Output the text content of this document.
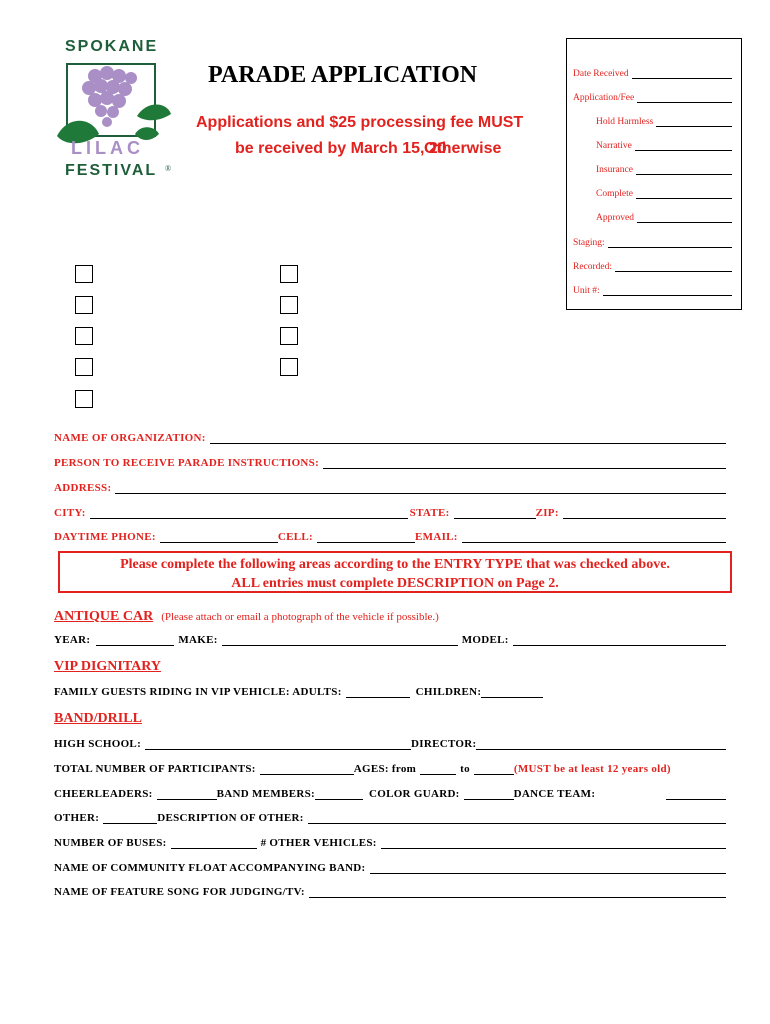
SPOKANE
LILAC
FESTIVAL ®
PARADE APPLICATION
Applications and $25 processing fee MUST
be received by March 15, 20
Otherwise
Date Received
Application/Fee
Hold Harmless
Narrative
Insurance
Complete
Approved
Staging:
Recorded:
Unit #:
NAME OF ORGANIZATION:
PERSON TO RECEIVE PARADE INSTRUCTIONS:
ADDRESS:
CITY:	STATE:	ZIP:
DAYTIME PHONE:	CELL:	EMAIL:
Please complete the following areas according to the ENTRY TYPE that was checked above.
ALL entries must complete DESCRIPTION on Page 2.
ANTIQUE CAR (Please attach or email a photograph of the vehicle if possible.)
YEAR:	MAKE:	MODEL:
VIP DIGNITARY
FAMILY GUESTS RIDING IN VIP VEHICLE: ADULTS:	CHILDREN:
BAND/DRILL
HIGH SCHOOL:	DIRECTOR:
TOTAL NUMBER OF PARTICIPANTS:	AGES: from	to	(MUST be at least 12 years old)
CHEERLEADERS:	BAND MEMBERS:	COLOR GUARD:	DANCE TEAM:
OTHER:	DESCRIPTION OF OTHER:
NUMBER OF BUSES:	# OTHER VEHICLES:
NAME OF COMMUNITY FLOAT ACCOMPANYING BAND:
NAME OF FEATURE SONG FOR JUDGING/TV:
